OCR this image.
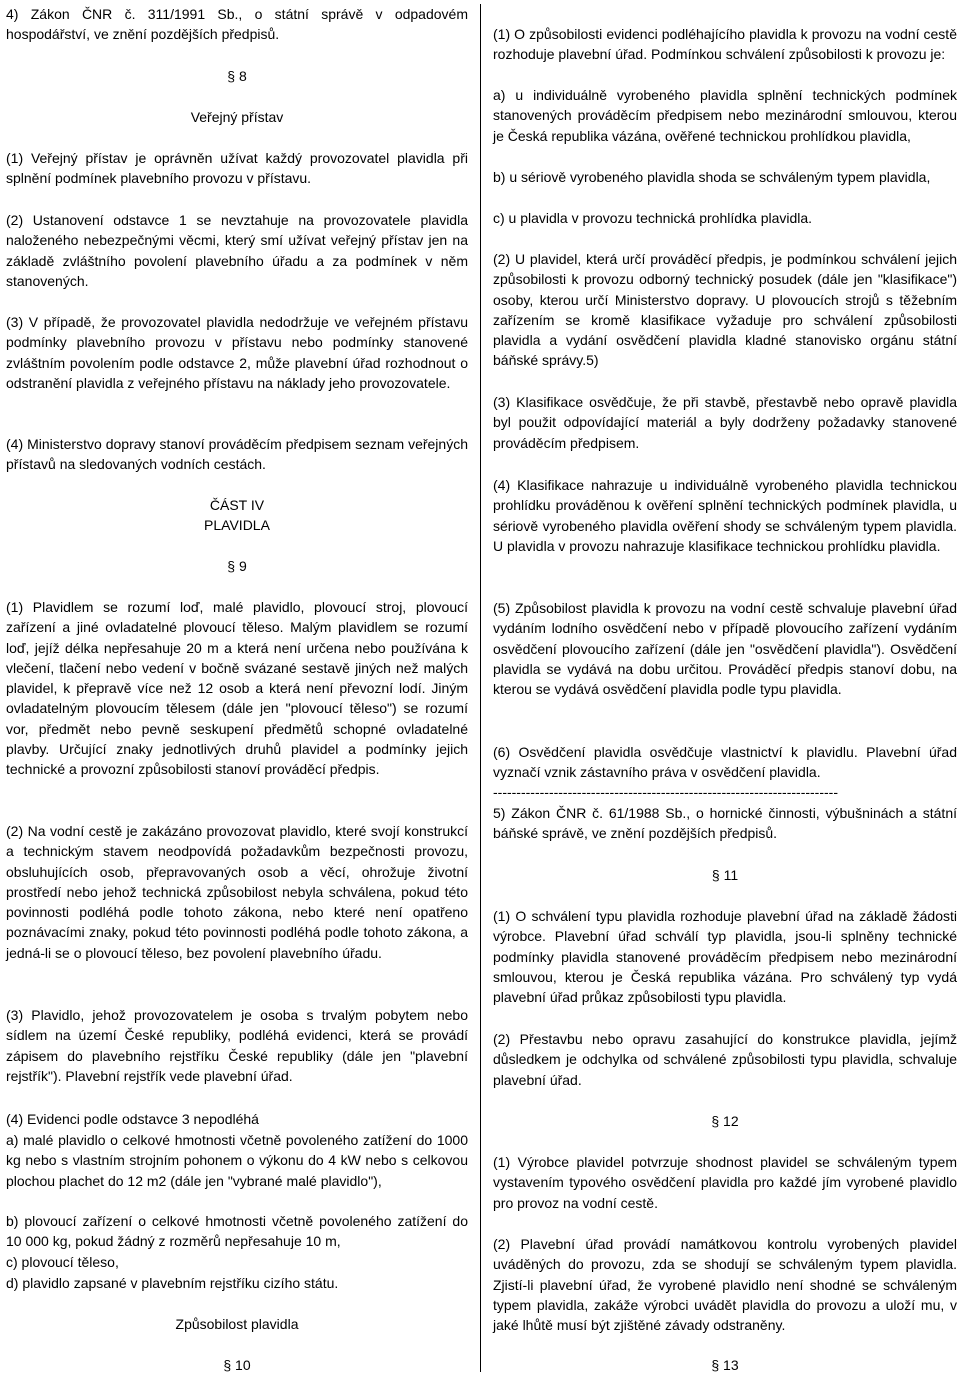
4) Zákon ČNR č. 311/1991 Sb., o státní správě v odpadovém hospodářství, ve znění pozdějších předpisů.

§ 8

Veřejný přístav

(1) Veřejný přístav je oprávněn užívat každý provozovatel plavidla při splnění podmínek plavebního provozu v přístavu.

(2) Ustanovení odstavce 1 se nevztahuje na provozovatele plavidla naloženého nebezpečnými věcmi, který smí užívat veřejný přístav jen na základě zvláštního povolení plavebního úřadu a za podmínek v něm stanovených.

(3) V případě, že provozovatel plavidla nedodržuje ve veřejném přístavu podmínky plavebního provozu v přístavu nebo podmínky stanovené zvláštním povolením podle odstavce 2, může plavební úřad rozhodnout o odstranění plavidla z veřejného přístavu na náklady jeho provozovatele.

(4) Ministerstvo dopravy stanoví prováděcím předpisem seznam veřejných přístavů na sledovaných vodních cestách.

ČÁST IV

PLAVIDLA

§ 9

(1) Plavidlem se rozumí loď, malé plavidlo, plovoucí stroj, plovoucí zařízení a jiné ovladatelné plovoucí těleso. Malým plavidlem se rozumí loď, jejíž délka nepřesahuje 20 m a která není určena nebo používána k vlečení, tlačení nebo vedení v bočně svázané sestavě jiných než malých plavidel, k přepravě více než 12 osob a která není převozní lodí. Jiným ovladatelným plovoucím tělesem (dále jen "plovoucí těleso") se rozumí vor, předmět nebo pevně seskupení předmětů schopné ovladatelné plavby. Určující znaky jednotlivých druhů plavidel a podmínky jejich technické a provozní způsobilosti stanoví prováděcí předpis.

(2) Na vodní cestě je zakázáno provozovat plavidlo, které svojí konstrukcí a technickým stavem neodpovídá požadavkům bezpečnosti provozu, obsluhujících osob, přepravovaných osob a věcí, ohrožuje životní prostředí nebo jehož technická způsobilost nebyla schválena, pokud této povinnosti podléhá podle tohoto zákona, nebo které není opatřeno poznávacími znaky, pokud této povinnosti podléhá podle tohoto zákona, a jedná-li se o plovoucí těleso, bez povolení plavebního úřadu.

(3) Plavidlo, jehož provozovatelem je osoba s trvalým pobytem nebo sídlem na území České republiky, podléhá evidenci, která se provádí zápisem do plavebního rejstříku České republiky (dále jen "plavební rejstřík"). Plavební rejstřík vede plavební úřad.

(4) Evidenci podle odstavce 3 nepodléhá

a) malé plavidlo o celkové hmotnosti včetně povoleného zatížení do 1000 kg nebo s vlastním strojním pohonem o výkonu do 4 kW nebo s celkovou plochou plachet do 12 m2 (dále jen "vybrané malé plavidlo"),

b) plovoucí zařízení o celkové hmotnosti včetně povoleného zatížení do 10 000 kg, pokud žádný z rozměrů nepřesahuje 10 m,

c) plovoucí těleso,

d) plavidlo zapsané v plavebním rejstříku cizího státu.

Způsobilost plavidla

§ 10

(1) O způsobilosti evidenci podléhajícího plavidla k provozu na vodní cestě rozhoduje plavební úřad. Podmínkou schválení způsobilosti k provozu je:

a) u individuálně vyrobeného plavidla splnění technických podmínek stanovených prováděcím předpisem nebo mezinárodní smlouvou, kterou je Česká republika vázána, ověřené technickou prohlídkou plavidla,

b) u sériově vyrobeného plavidla shoda se schváleným typem plavidla,

c) u plavidla v provozu technická prohlídka plavidla.

(2) U plavidel, která určí prováděcí předpis, je podmínkou schválení jejich způsobilosti k provozu odborný technický posudek (dále jen "klasifikace") osoby, kterou určí Ministerstvo dopravy. U plovoucích strojů s těžebním zařízením se kromě klasifikace vyžaduje pro schválení způsobilosti plavidla a vydání osvědčení plavidla kladné stanovisko orgánu státní báňské správy.5)

(3) Klasifikace osvědčuje, že při stavbě, přestavbě nebo opravě plavidla byl použit odpovídající materiál a byly dodrženy požadavky stanovené prováděcím předpisem.

(4) Klasifikace nahrazuje u individuálně vyrobeného plavidla technickou prohlídku prováděnou k ověření splnění technických podmínek plavidla, u sériově vyrobeného plavidla ověření shody se schváleným typem plavidla. U plavidla v provozu nahrazuje klasifikace technickou prohlídku plavidla.

(5) Způsobilost plavidla k provozu na vodní cestě schvaluje plavební úřad vydáním lodního osvědčení nebo v případě plovoucího zařízení vydáním osvědčení plovoucího zařízení (dále jen "osvědčení plavidla"). Osvědčení plavidla se vydává na dobu určitou. Prováděcí předpis stanoví dobu, na kterou se vydává osvědčení plavidla podle typu plavidla.

(6) Osvědčení plavidla osvědčuje vlastnictví k plavidlu. Plavební úřad vyznačí vznik zástavního práva v osvědčení plavidla.

--------------------------------------------------------------------------

5) Zákon ČNR č. 61/1988 Sb., o hornické činnosti, výbušninách a státní báňské správě, ve znění pozdějších předpisů.

§ 11

(1) O schválení typu plavidla rozhoduje plavební úřad na základě žádosti výrobce. Plavební úřad schválí typ plavidla, jsou-li splněny technické podmínky plavidla stanovené prováděcím předpisem nebo mezinárodní smlouvou, kterou je Česká republika vázána. Pro schválený typ vydá plavební úřad průkaz způsobilosti typu plavidla.

(2) Přestavbu nebo opravu zasahující do konstrukce plavidla, jejímž důsledkem je odchylka od schválené způsobilosti typu plavidla, schvaluje plavební úřad.

§ 12

(1) Výrobce plavidel potvrzuje shodnost plavidel se schváleným typem vystavením typového osvědčení plavidla pro každé jím vyrobené plavidlo pro provoz na vodní cestě.

(2) Plavební úřad provádí namátkovou kontrolu vyrobených plavidel uváděných do provozu, zda se shodují se schváleným typem plavidla. Zjistí-li plavební úřad, že vyrobené plavidlo není shodné se schváleným typem plavidla, zakáže výrobci uvádět plavidla do provozu a uloží mu, v jaké lhůtě musí být zjištěné závady odstraněny.

§ 13
